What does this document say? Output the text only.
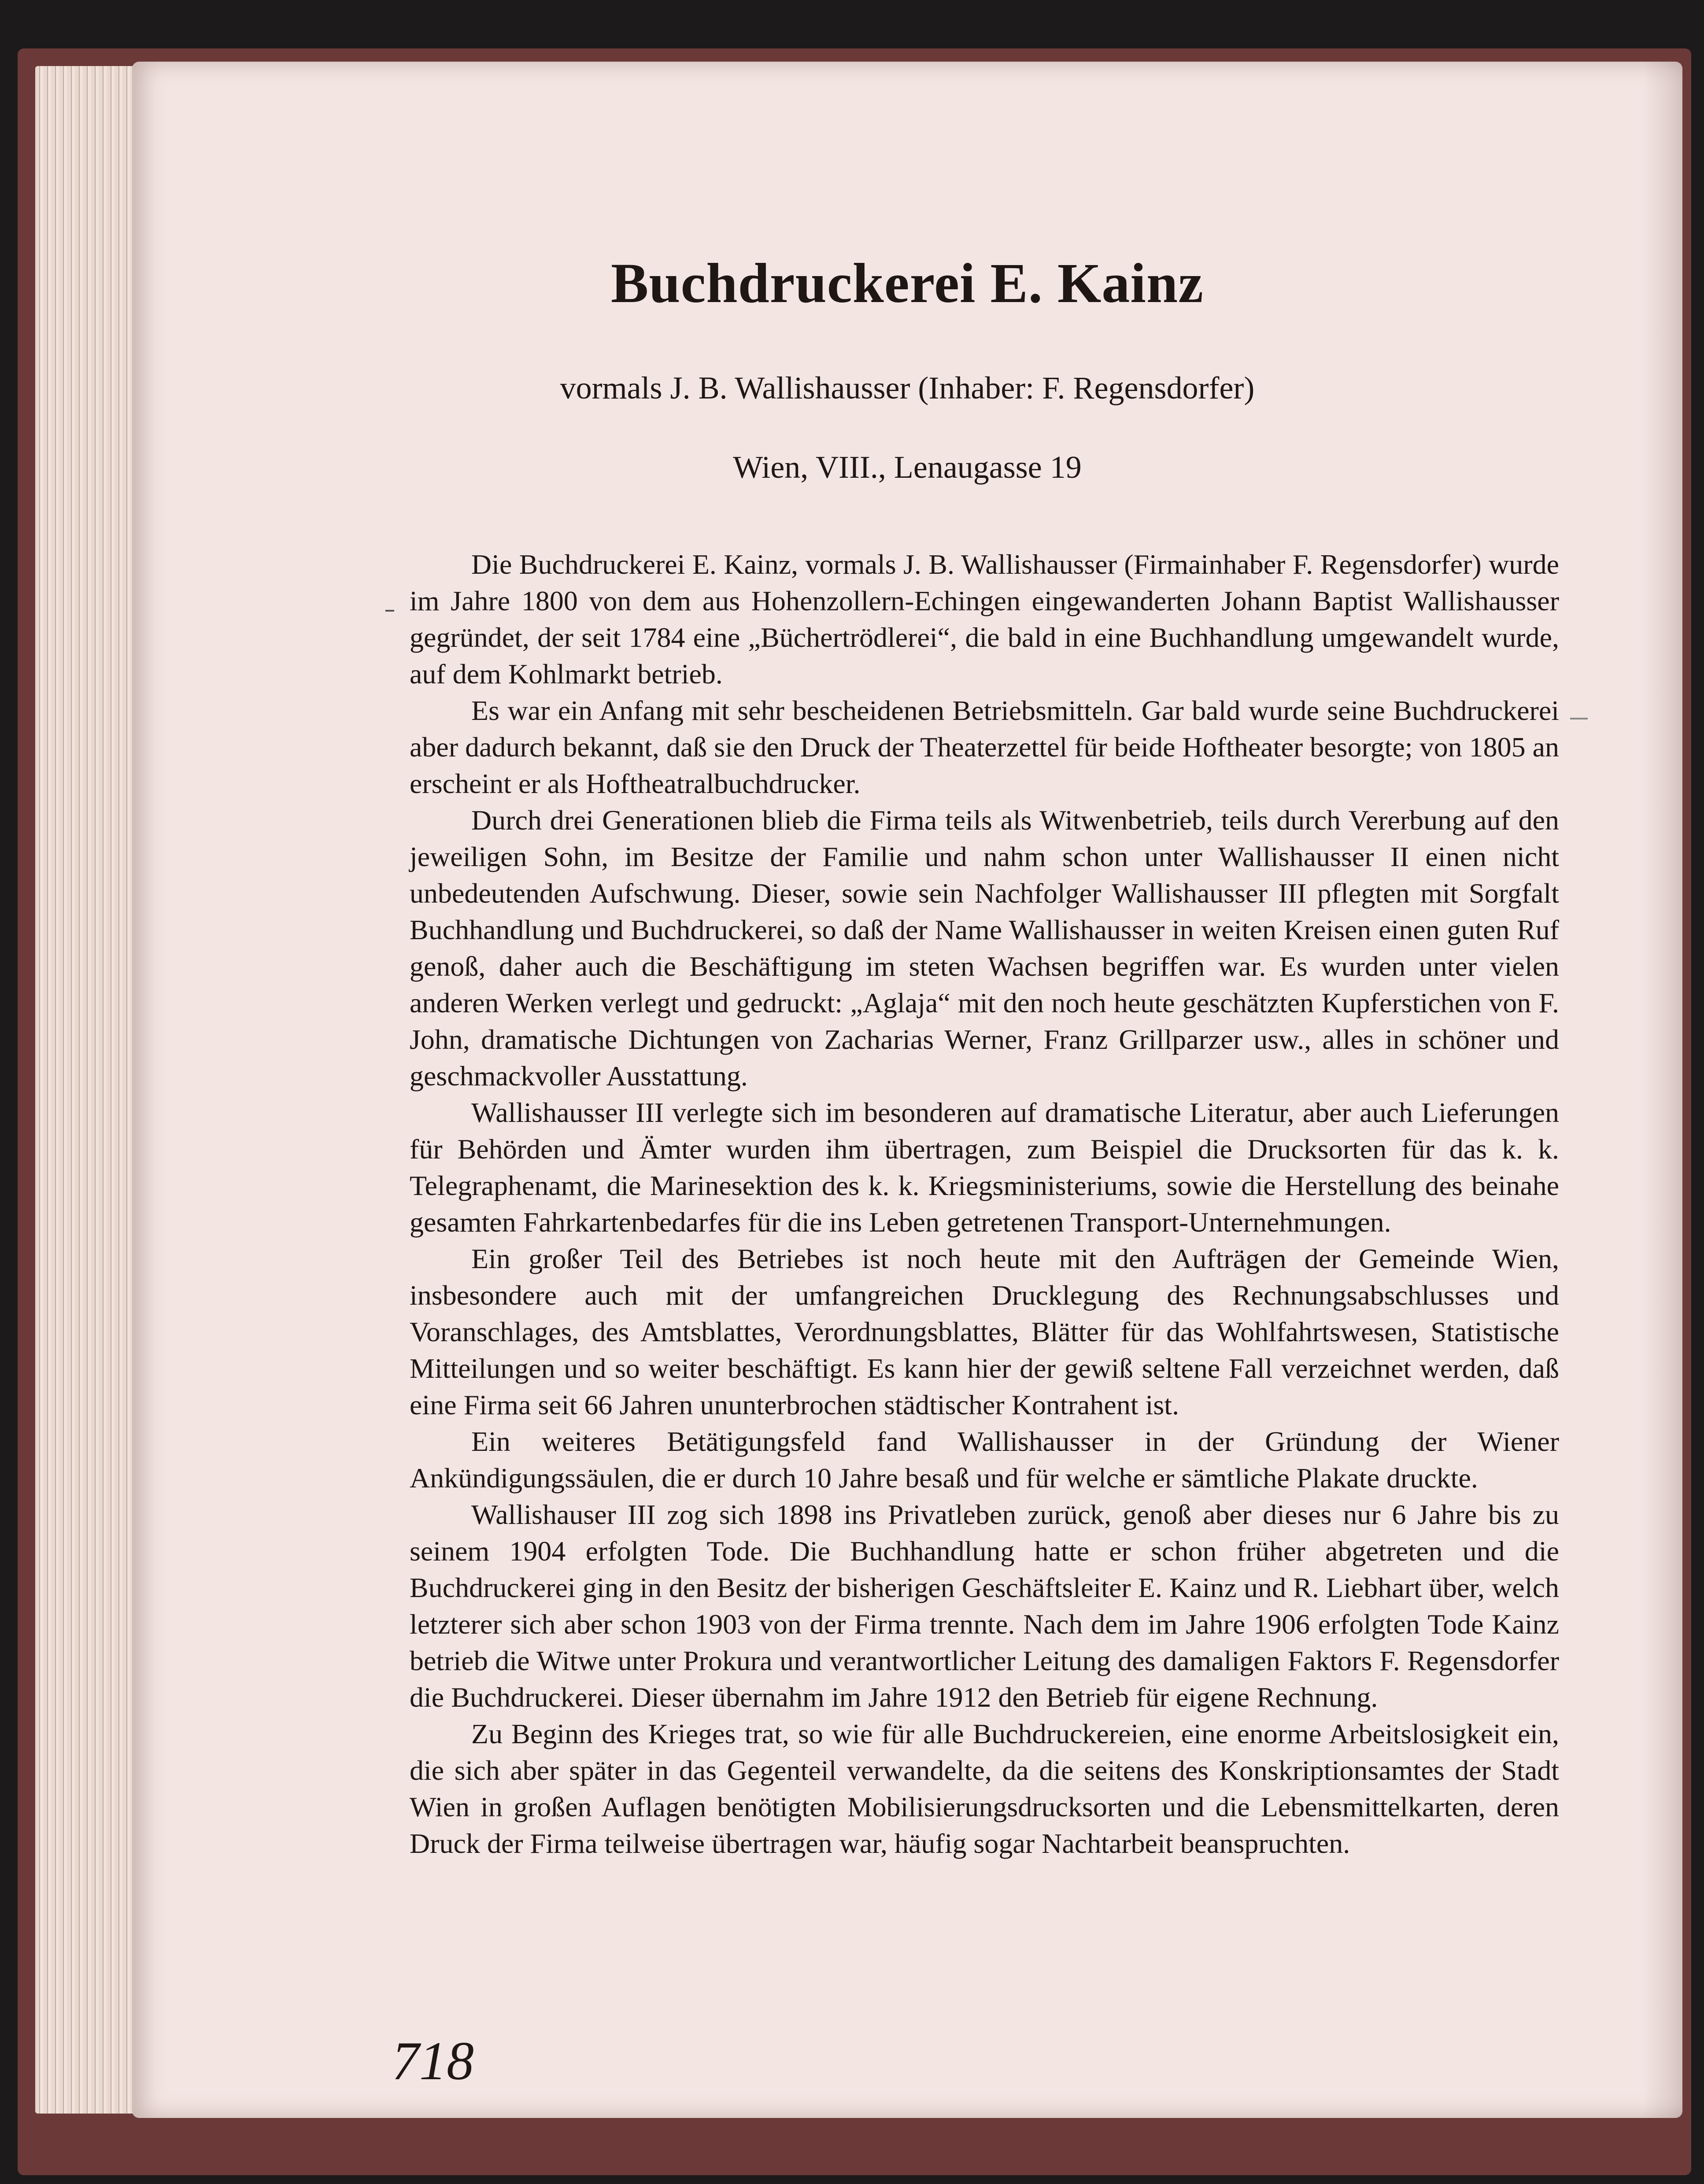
Buchdruckerei E. Kainz
vormals J. B. Wallishausser (Inhaber: F. Regensdorfer)
Wien, VIII., Lenaugasse 19

Die Buchdruckerei E. Kainz, vormals J. B. Wallishausser (Firmainhaber F. Regensdorfer) wurde im Jahre 1800 von dem aus Hohenzollern-Echingen eingewanderten Johann Baptist Wallishausser gegründet, der seit 1784 eine „Büchertrödlerei“, die bald in eine Buchhandlung umgewandelt wurde, auf dem Kohlmarkt betrieb.

Es war ein Anfang mit sehr bescheidenen Betriebsmitteln. Gar bald wurde seine Buchdruckerei aber dadurch bekannt, daß sie den Druck der Theaterzettel für beide Hoftheater besorgte; von 1805 an erscheint er als Hoftheatralbuchdrucker.

Durch drei Generationen blieb die Firma teils als Witwenbetrieb, teils durch Vererbung auf den jeweiligen Sohn, im Besitze der Familie und nahm schon unter Wallishausser II einen nicht unbedeutenden Aufschwung. Dieser, sowie sein Nachfolger Wallishausser III pflegten mit Sorgfalt Buchhandlung und Buchdruckerei, so daß der Name Wallishausser in weiten Kreisen einen guten Ruf genoß, daher auch die Beschäftigung im steten Wachsen begriffen war. Es wurden unter vielen anderen Werken verlegt und gedruckt: „Aglaja“ mit den noch heute geschätzten Kupferstichen von F. John, dramatische Dichtungen von Zacharias Werner, Franz Grillparzer usw., alles in schöner und geschmackvoller Ausstattung.

Wallishausser III verlegte sich im besonderen auf dramatische Literatur, aber auch Lieferungen für Behörden und Ämter wurden ihm übertragen, zum Beispiel die Drucksorten für das k. k. Telegraphenamt, die Marinesektion des k. k. Kriegsministeriums, sowie die Herstellung des beinahe gesamten Fahrkartenbedarfes für die ins Leben getretenen Transport-Unternehmungen.

Ein großer Teil des Betriebes ist noch heute mit den Aufträgen der Gemeinde Wien, insbesondere auch mit der umfangreichen Drucklegung des Rechnungsabschlusses und Voranschlages, des Amtsblattes, Verordnungsblattes, Blätter für das Wohlfahrtswesen, Statistische Mitteilungen und so weiter beschäftigt. Es kann hier der gewiß seltene Fall verzeichnet werden, daß eine Firma seit 66 Jahren ununterbrochen städtischer Kontrahent ist.

Ein weiteres Betätigungsfeld fand Wallishausser in der Gründung der Wiener Ankündigungssäulen, die er durch 10 Jahre besaß und für welche er sämtliche Plakate druckte.

Wallishauser III zog sich 1898 ins Privatleben zurück, genoß aber dieses nur 6 Jahre bis zu seinem 1904 erfolgten Tode. Die Buchhandlung hatte er schon früher abgetreten und die Buchdruckerei ging in den Besitz der bisherigen Geschäftsleiter E. Kainz und R. Liebhart über, welch letzterer sich aber schon 1903 von der Firma trennte. Nach dem im Jahre 1906 erfolgten Tode Kainz betrieb die Witwe unter Prokura und verantwortlicher Leitung des damaligen Faktors F. Regensdorfer die Buchdruckerei. Dieser übernahm im Jahre 1912 den Betrieb für eigene Rechnung.

Zu Beginn des Krieges trat, so wie für alle Buchdruckereien, eine enorme Arbeitslosigkeit ein, die sich aber später in das Gegenteil verwandelte, da die seitens des Konskriptionsamtes der Stadt Wien in großen Auflagen benötigten Mobilisierungsdrucksorten und die Lebensmittelkarten, deren Druck der Firma teilweise übertragen war, häufig sogar Nachtarbeit beanspruchten.

718
